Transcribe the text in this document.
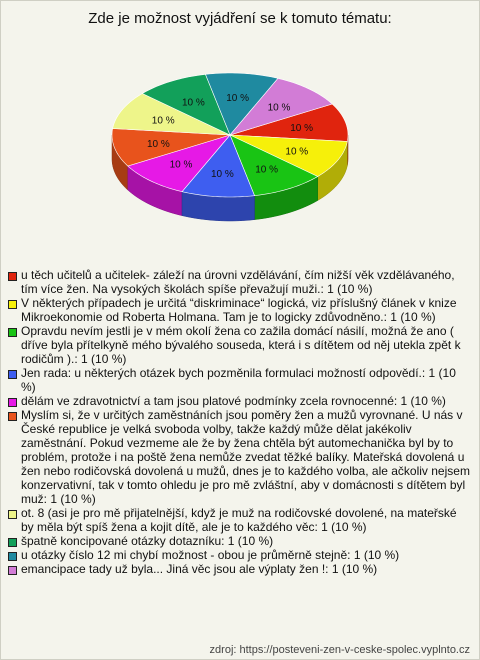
Zde je možnost vyjádření se k tomuto tématu:
10 %
10 %
10 %
10 %
10 %
10 %
10 %
10 % 10 %
10 %
u těch učitelů a učitelek- záleží na úrovni vzdělávání, čím nižší věk vzdělávaného, tím více žen. Na vysokých školách spíše převažují muži.: 1 (10 %)
V některých případech je určitá “diskriminace“ logická, viz příslušný článek v knize Mikroekonomie od Roberta Holmana. Tam je to logicky zdůvodněno.: 1 (10 %)
Opravdu nevím jestli je v mém okolí žena co zažila domácí násilí, možná že ano ( dříve byla přítelkyně mého bývalého souseda, která i s dítětem od něj utekla zpět k rodičům ).: 1 (10 %)
Jen rada: u některých otázek bych pozměnila formulaci možností odpovědí.: 1 (10 %)
dělám ve zdravotnictví a tam jsou platové podmínky zcela rovnocenné: 1 (10 %)
Myslím si, že v určitých zaměstnáních jsou poměry žen a mužů vyrovnané. U nás v České republice je velká svoboda volby, takže každý může dělat jakékoliv zaměstnání. Pokud vezmeme ale že by žena chtěla být automechanička byl by to problém, protože i na poště žena nemůže zvedat těžké balíky. Mateřská dovolená u žen nebo rodičovská dovolená u mužů, dnes je to každého volba, ale ačkoliv nejsem konzervativní, tak v tomto ohledu je pro mě zvláštní, aby v domácnosti s dítětem byl muž: 1 (10 %)
ot. 8 (asi je pro mě přijatelnější, když je muž na rodičovské dovolené, na mateřské by měla být spíš žena a kojit dítě, ale je to každého věc: 1 (10 %)
špatně koncipované otázky dotazníku: 1 (10 %)
u otázky číslo 12 mi chybí možnost - obou je průměrně stejně: 1 (10 %)
emancipace tady už byla... Jiná věc jsou ale výplaty žen !: 1 (10 %)
zdroj: https://posteveni-zen-v-ceske-spolec.vyplnto.cz
